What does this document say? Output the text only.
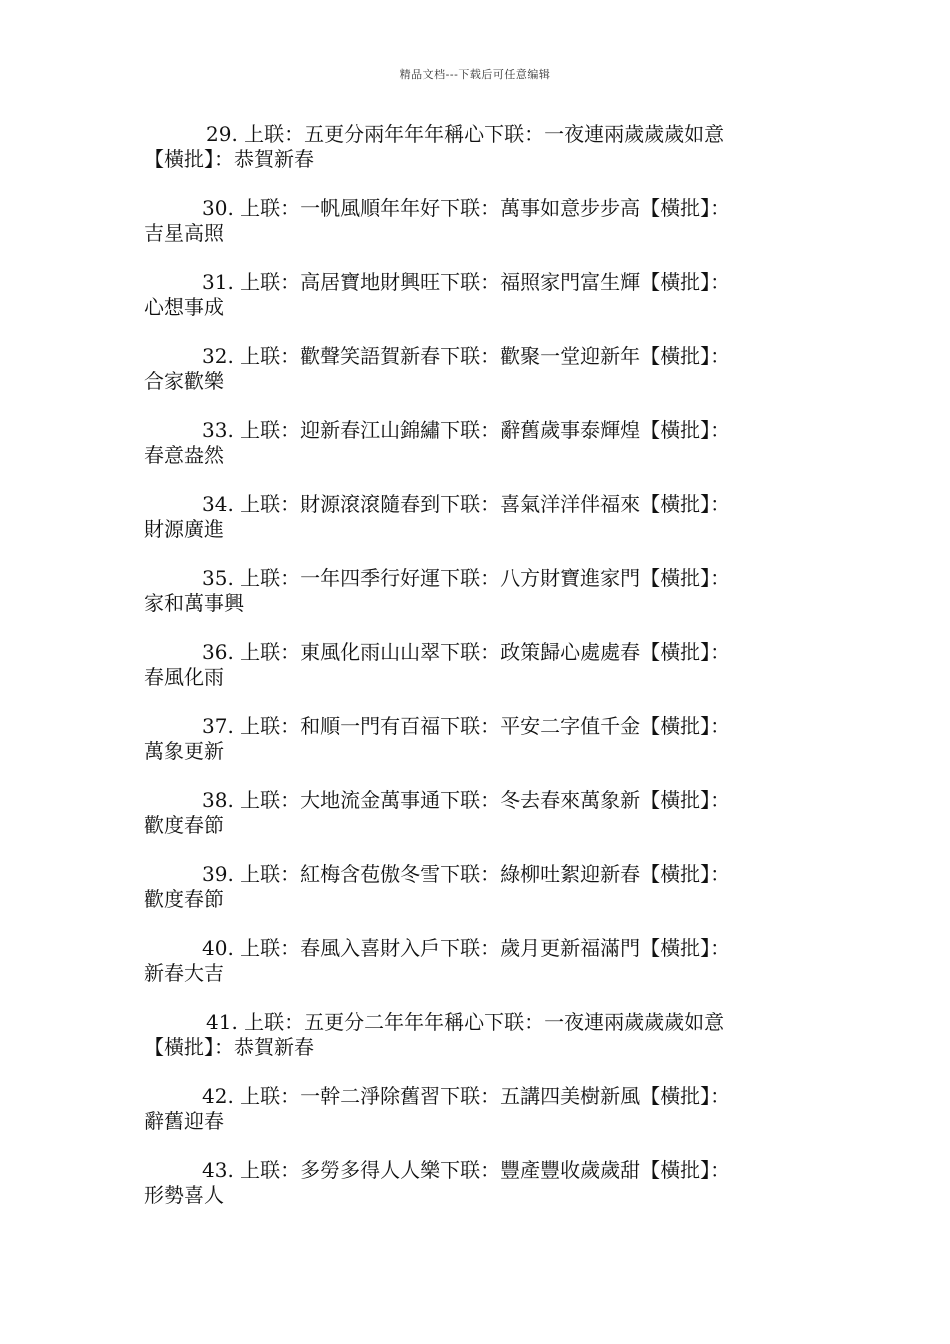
精品文档---下载后可任意编辑
29. 上联：五更分兩年年年稱心下联：一夜連兩歲歲歲如意
【橫批】：恭賀新春
30. 上联：一帆風順年年好下联：萬事如意步步高【橫批】：
吉星高照
31. 上联：高居寶地財興旺下联：福照家門富生輝【橫批】：
心想事成
32. 上联：歡聲笑語賀新春下联：歡聚一堂迎新年【橫批】：
合家歡樂
33. 上联：迎新春江山錦繡下联：辭舊歲事泰輝煌【橫批】：
春意盎然
34. 上联：財源滾滾隨春到下联：喜氣洋洋伴福來【橫批】：
財源廣進
35. 上联：一年四季行好運下联：八方財寶進家門【橫批】：
家和萬事興
36. 上联：東風化雨山山翠下联：政策歸心處處春【橫批】：
春風化雨
37. 上联：和順一門有百福下联：平安二字值千金【橫批】：
萬象更新
38. 上联：大地流金萬事通下联：冬去春來萬象新【橫批】：
歡度春節
39. 上联：紅梅含苞傲冬雪下联：綠柳吐絮迎新春【橫批】：
歡度春節
40. 上联：春風入喜財入戶下联：歲月更新福滿門【橫批】：
新春大吉
41. 上联：五更分二年年年稱心下联：一夜連兩歲歲歲如意
【橫批】：恭賀新春
42. 上联：一幹二淨除舊習下联：五講四美樹新風【橫批】：
辭舊迎春
43. 上联：多勞多得人人樂下联：豐產豐收歲歲甜【橫批】：
形勢喜人
